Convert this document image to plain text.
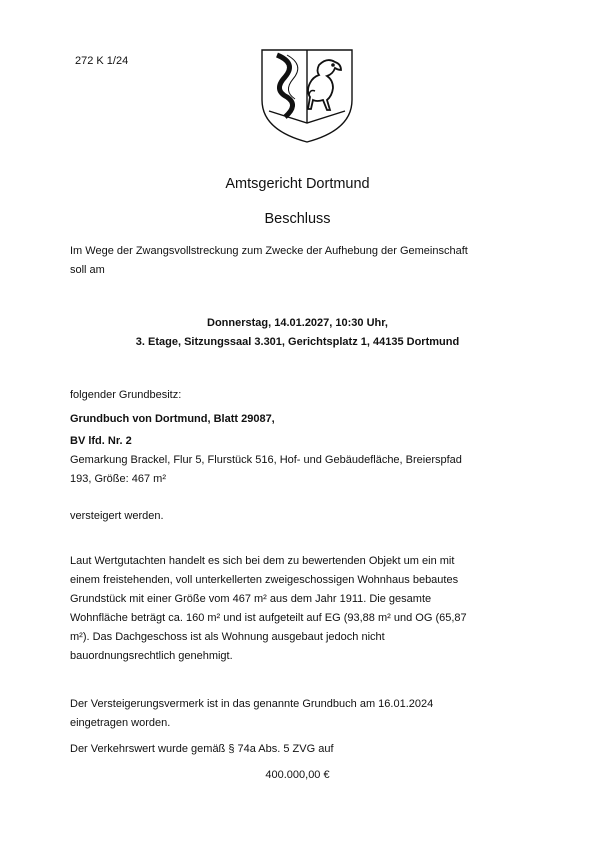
272 K 1/24
Amtsgericht Dortmund
Beschluss
Im Wege der Zwangsvollstreckung zum Zwecke der Aufhebung der Gemeinschaft
soll am
Donnerstag, 14.01.2027, 10:30 Uhr,
3. Etage, Sitzungssaal 3.301, Gerichtsplatz 1, 44135 Dortmund
folgender Grundbesitz:
Grundbuch von Dortmund, Blatt 29087,
BV lfd. Nr. 2
Gemarkung Brackel, Flur 5, Flurstück 516, Hof- und Gebäudefläche, Breierspfad
193, Größe: 467 m²
versteigert werden.
Laut Wertgutachten handelt es sich bei dem zu bewertenden Objekt um ein mit
einem freistehenden, voll unterkellerten zweigeschossigen Wohnhaus bebautes
Grundstück mit einer Größe vom 467 m² aus dem Jahr 1911. Die gesamte
Wohnfläche beträgt ca. 160 m² und ist aufgeteilt auf EG (93,88 m² und OG (65,87
m²). Das Dachgeschoss ist als Wohnung ausgebaut jedoch nicht
bauordnungsrechtlich genehmigt.
Der Versteigerungsvermerk ist in das genannte Grundbuch am 16.01.2024
eingetragen worden.
Der Verkehrswert wurde gemäß § 74a Abs. 5 ZVG auf
400.000,00 €
